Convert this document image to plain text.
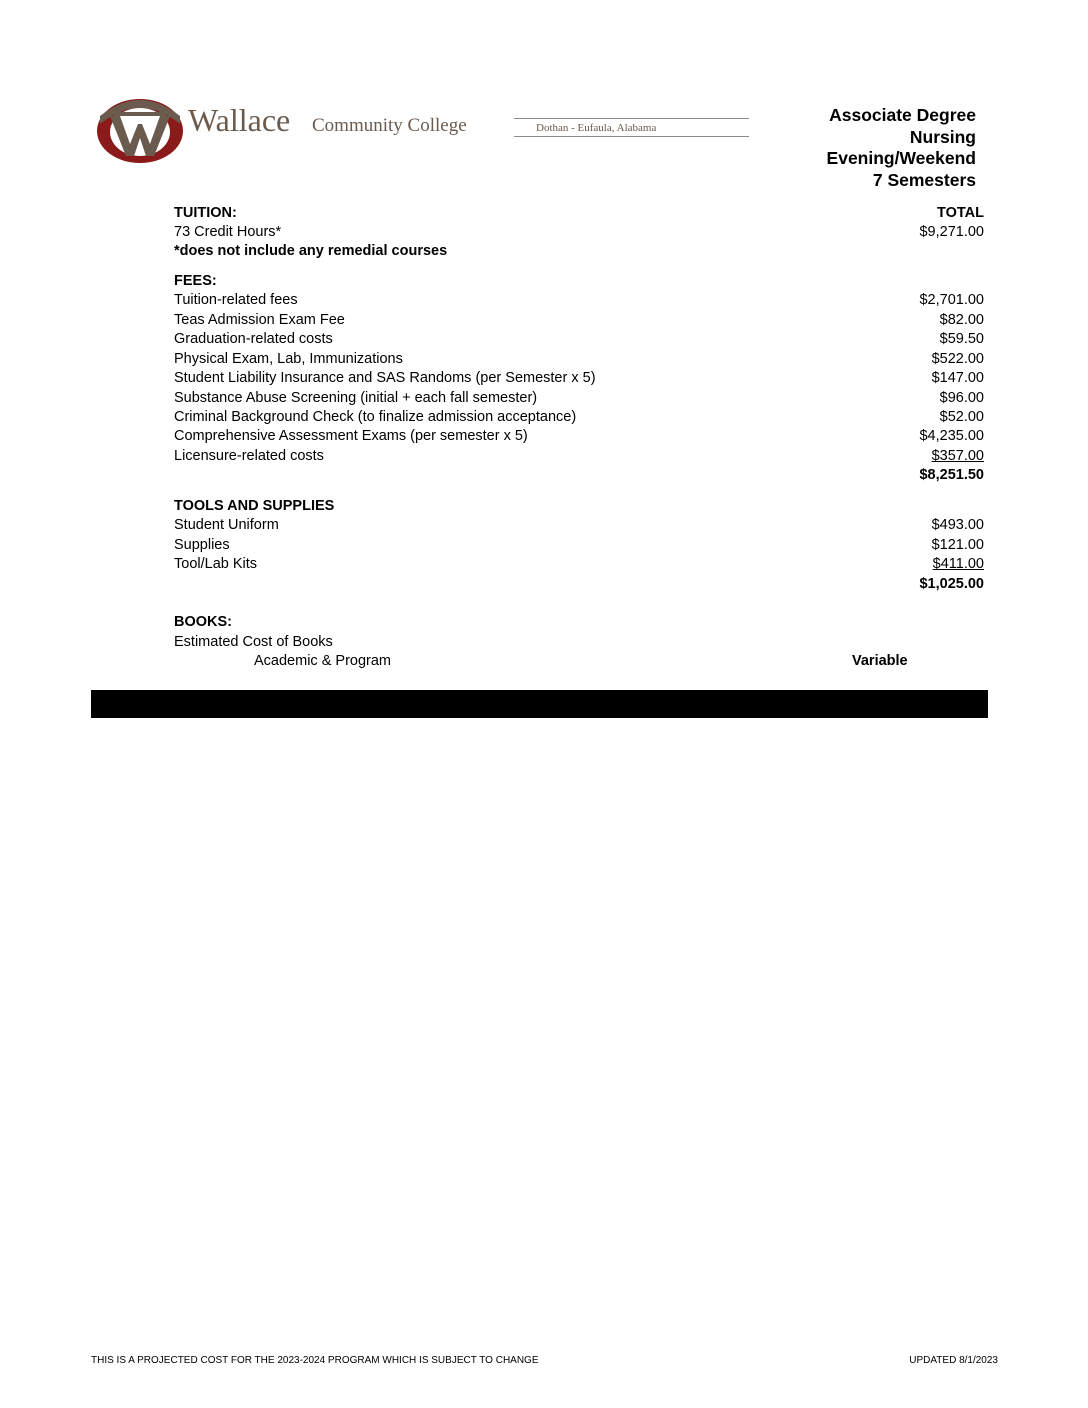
Wallace Community College	Dothan - Eufaula, Alabama
Associate Degree
Nursing
Evening/Weekend
7 Semesters
TUITION:	TOTAL
73 Credit Hours*	$9,271.00
*does not include any remedial courses
FEES:
Tuition-related fees	$2,701.00
Teas Admission Exam Fee	$82.00
Graduation-related costs	$59.50
Physical Exam, Lab, Immunizations	$522.00
Student Liability Insurance and SAS Randoms (per Semester x 5)	$147.00
Substance Abuse Screening (initial + each fall semester)	$96.00
Criminal Background Check (to finalize admission acceptance)	$52.00
Comprehensive Assessment Exams (per semester x 5)	$4,235.00
Licensure-related costs	$357.00
$8,251.50
TOOLS AND SUPPLIES
Student Uniform	$493.00
Supplies	$121.00
Tool/Lab Kits	$411.00
$1,025.00
BOOKS:
Estimated Cost of Books
Academic & Program	Variable
THIS IS A PROJECTED COST FOR THE 2023-2024 PROGRAM WHICH IS SUBJECT TO CHANGE	UPDATED 8/1/2023
